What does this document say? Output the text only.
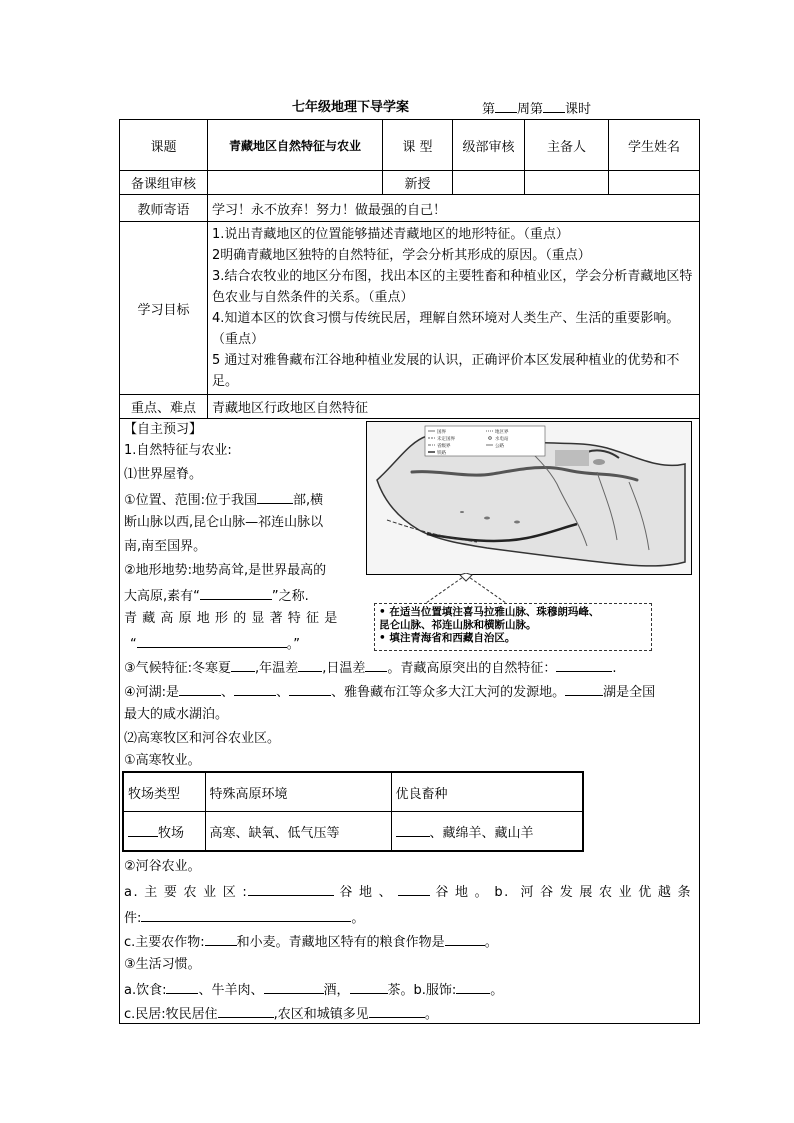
七年级地理下导学案	第 周第 课时
课题	青藏地区自然特征与农业	课 型	级部审核	主备人	学生姓名
备课组审核		新授			
教师寄语	学习！永不放弃！努力！做最强的自己！
学习目标	

1.说出青藏地区的位置能够描述青藏地区的地形特征。（重点）

2明确青藏地区独特的自然特征，学会分析其形成的原因。（重点）

3.结合农牧业的地区分布图，找出本区的主要牲畜和种植业区，学会分析青藏地区特色农业与自然条件的关系。（重点）

4.知道本区的饮食习惯与传统民居，理解自然环境对人类生产、生活的重要影响。（重点）

5 通过对雅鲁藏布江谷地种植业发展的认识，正确评价本区发展种植业的优势和不足。

重点、难点	青藏地区行政地区自然特征

【自主预习】
1.自然特征与农业:
⑴世界屋脊。
①位置、范围:位于我国	部,横
断山脉以西,昆仑山脉—祁连山脉以
南,南至国界。
②地形地势:地势高耸,是世界最高的
大高原,素有“	”之称.
青藏高原地形的显著特征是
“	。”
国界	地区界
未定国界	水电站
省级界	公路
铁路
• 在适当位置填注喜马拉雅山脉、珠穆朗玛峰、
昆仑山脉、祁连山脉和横断山脉。
• 填注青海省和西藏自治区。
③气候特征:冬寒夏 ,年温差 ,日温差 。青藏高原突出的自然特征：	.
④河湖:是	、	、	、雅鲁藏布江等众多大江大河的发源地。	湖是全国
最大的咸水湖泊。
⑵高寒牧区和河谷农业区。
①高寒牧业。
牧场类型	特殊高原环境	优良畜种
牧场	高寒、缺氧、低气压等	、藏绵羊、藏山羊
②河谷农业。
a.主要农业区:	谷地、 谷地。b. 河谷发展农业优越条
件:	。
c.主要农作物: 和小麦。青藏地区特有的粮食作物是	。
③生活习惯。
a.饮食: 、牛羊肉、	酒，	茶。b.服饰:	。
c.民居:牧民居住	,农区和城镇多见	。
